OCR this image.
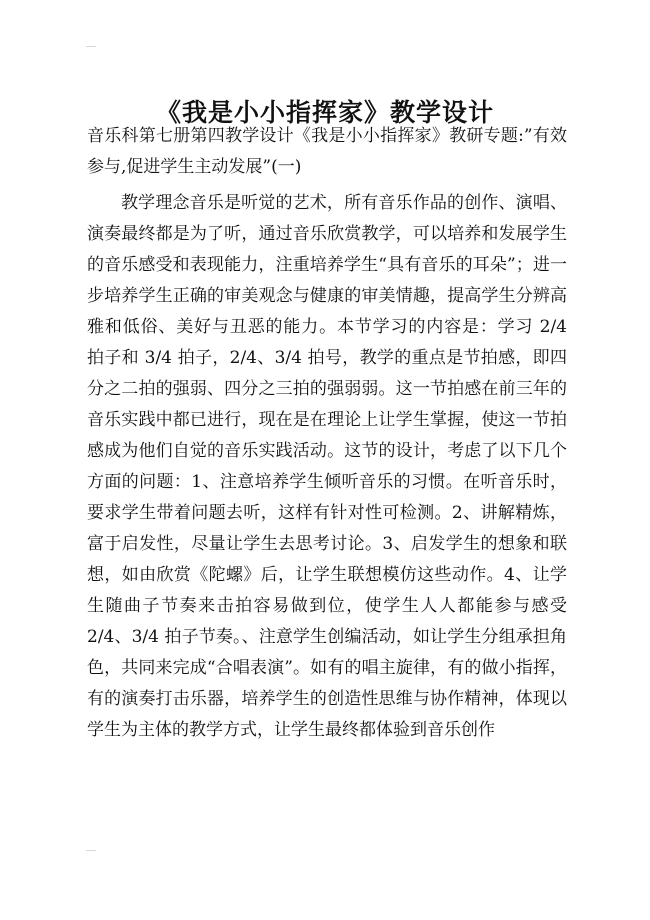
《我是小小指挥家》教学设计

音乐科第七册第四教学设计《我是小小指挥家》教研专题:”有效参与,促进学生主动发展”(一)

教学理念音乐是听觉的艺术，所有音乐作品的创作、演唱、演奏最终都是为了听，通过音乐欣赏教学，可以培养和发展学生的音乐感受和表现能力，注重培养学生“具有音乐的耳朵”；进一步培养学生正确的审美观念与健康的审美情趣，提高学生分辨高雅和低俗、美好与丑恶的能力。本节学习的内容是：学习 2/4 拍子和 3/4 拍子，2/4、3/4 拍号，教学的重点是节拍感，即四分之二拍的强弱、四分之三拍的强弱弱。这一节拍感在前三年的音乐实践中都已进行，现在是在理论上让学生掌握，使这一节拍感成为他们自觉的音乐实践活动。这节的设计，考虑了以下几个方面的问题：1、注意培养学生倾听音乐的习惯。在听音乐时，要求学生带着问题去听，这样有针对性可检测。2、讲解精炼，富于启发性，尽量让学生去思考讨论。3、启发学生的想象和联想，如由欣赏《陀螺》后，让学生联想模仿这些动作。4、让学生随曲子节奏来击拍容易做到位，使学生人人都能参与感受 2/4、3/4 拍子节奏。、注意学生创编活动，如让学生分组承担角色，共同来完成“合唱表演”。如有的唱主旋律，有的做小指挥，有的演奏打击乐器，培养学生的创造性思维与协作精神，体现以学生为主体的教学方式，让学生最终都体验到音乐创作
